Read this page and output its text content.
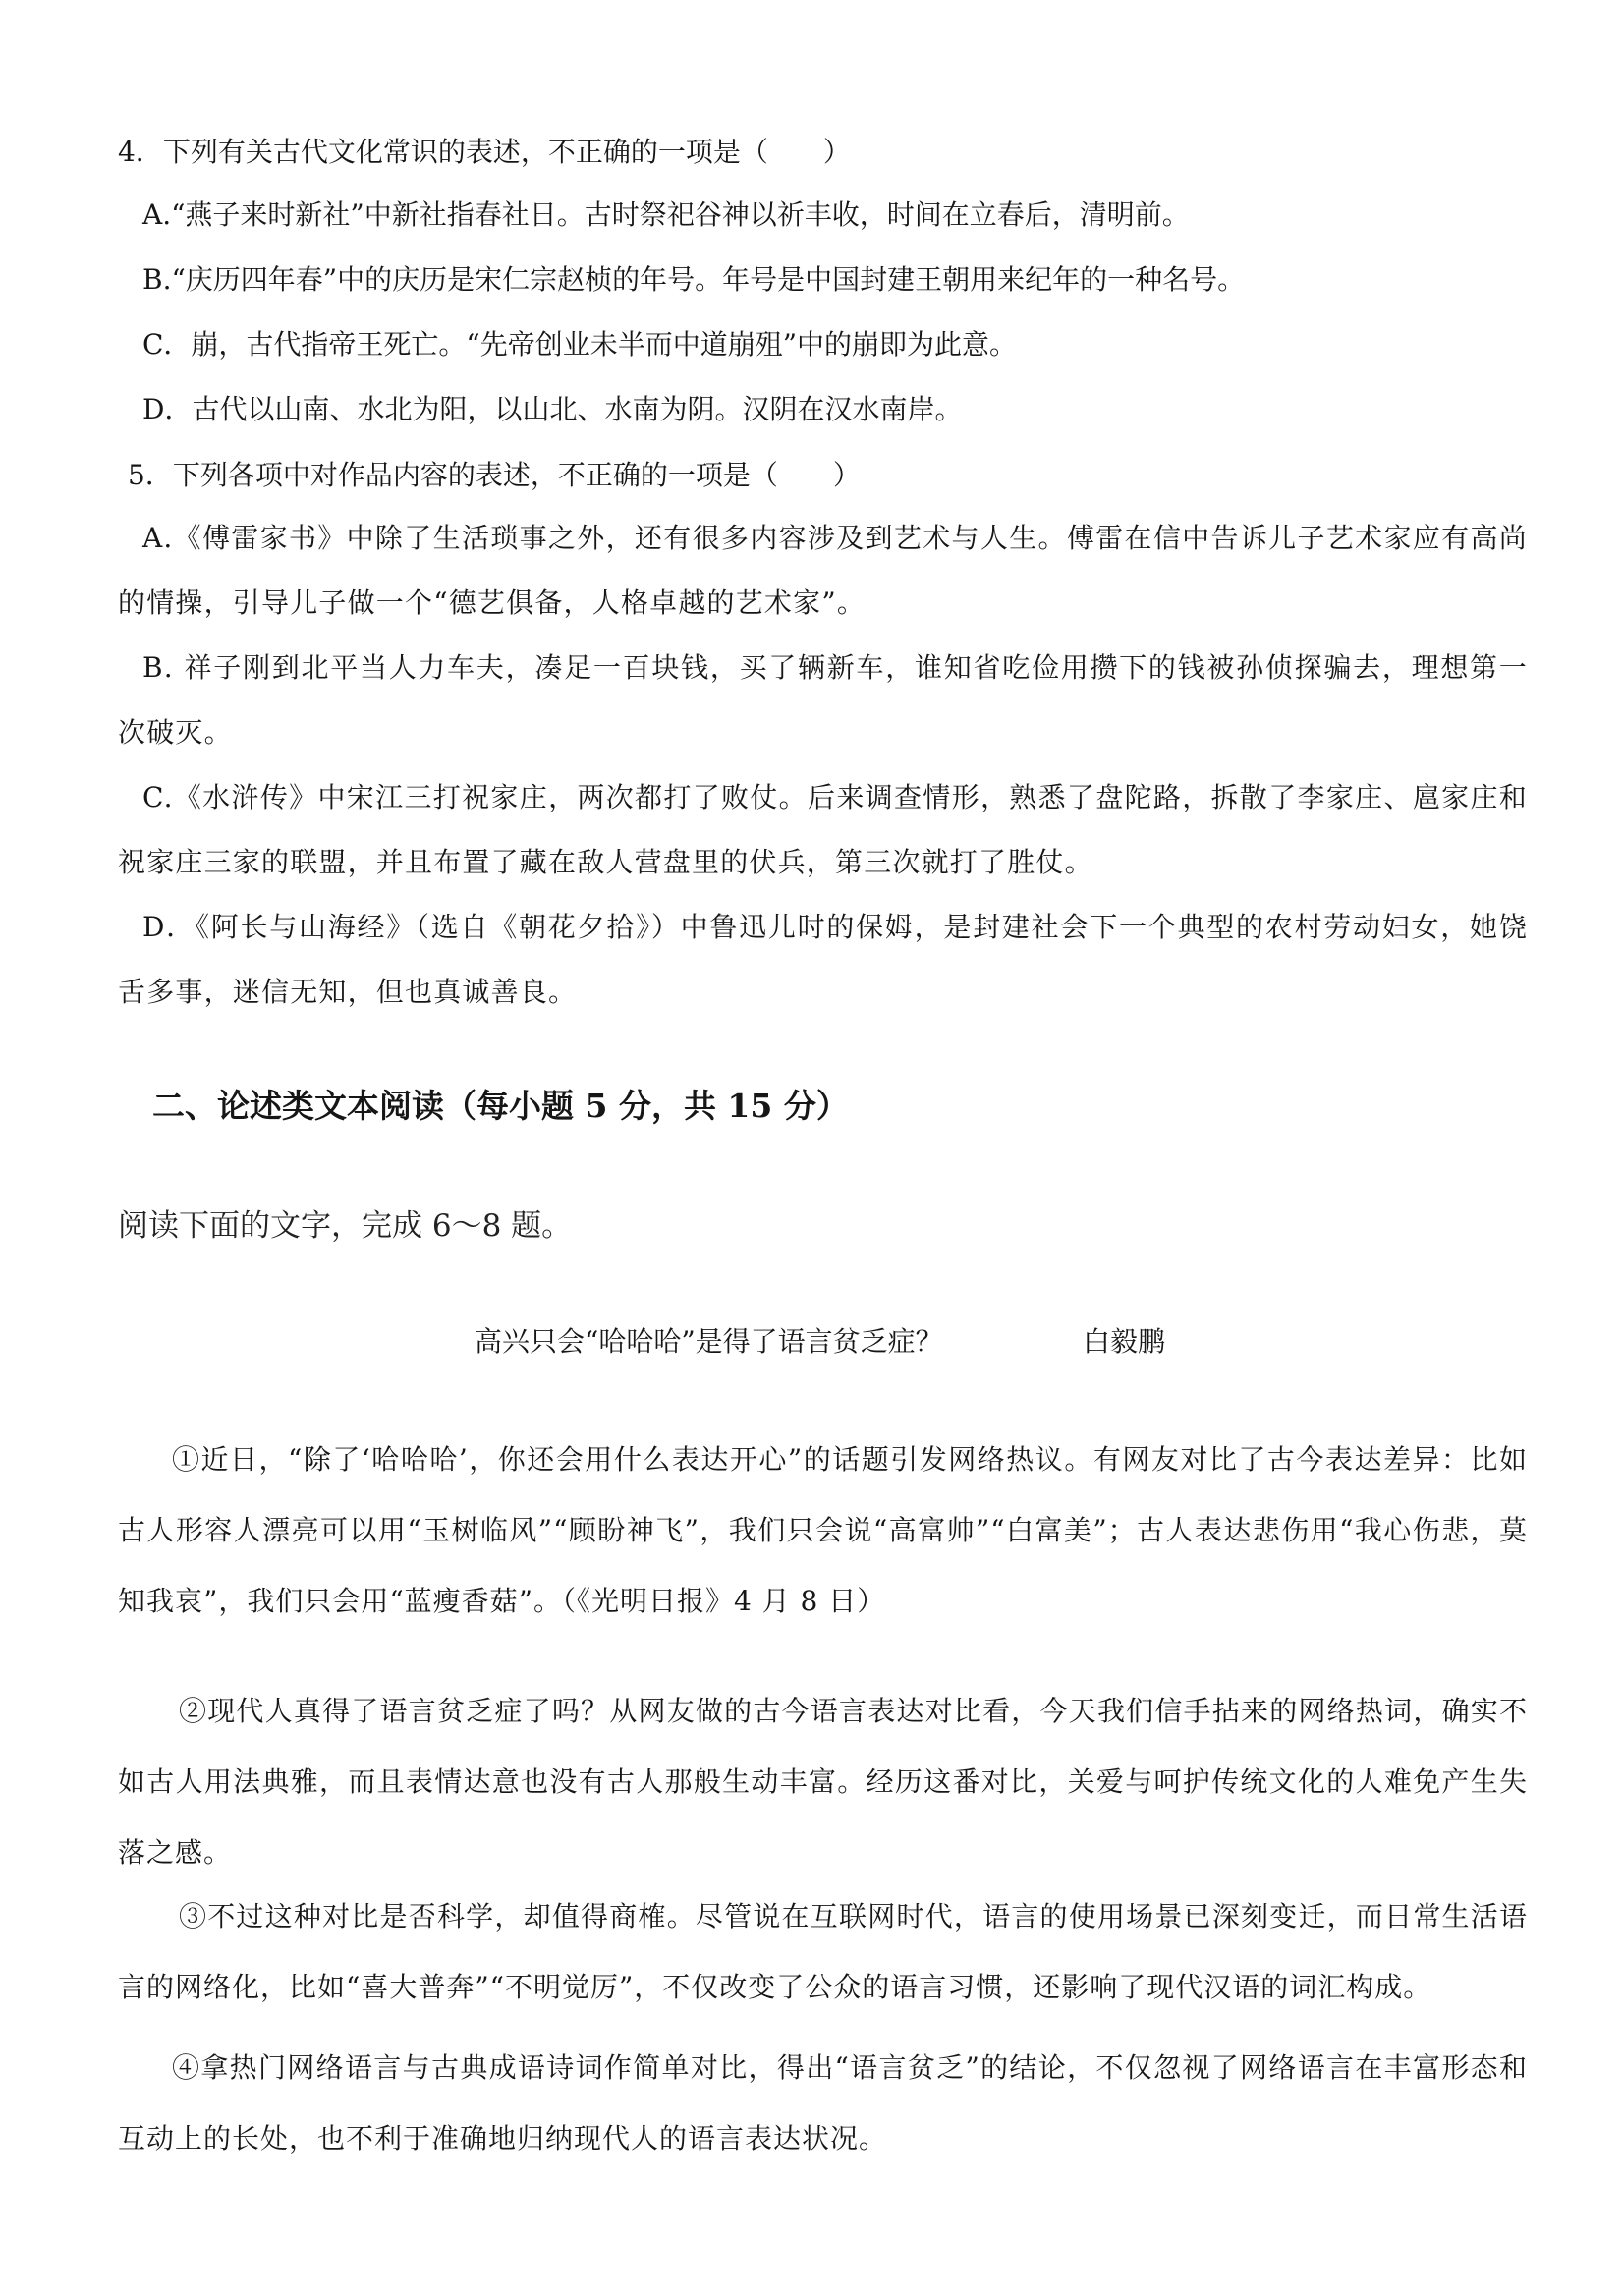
4．下列有关古代文化常识的表述，不正确的一项是（　　）

A.“燕子来时新社”中新社指春社日。古时祭祀谷神以祈丰收，时间在立春后，清明前。

B.“庆历四年春”中的庆历是宋仁宗赵桢的年号。年号是中国封建王朝用来纪年的一种名号。

C．崩，古代指帝王死亡。“先帝创业未半而中道崩殂”中的崩即为此意。

D．古代以山南、水北为阳，以山北、水南为阴。汉阴在汉水南岸。

5．下列各项中对作品内容的表述，不正确的一项是（　　）

A.《傅雷家书》中除了生活琐事之外，还有很多内容涉及到艺术与人生。傅雷在信中告诉儿子艺术家应有高尚的情操，引导儿子做一个“德艺俱备，人格卓越的艺术家”。

B. 祥子刚到北平当人力车夫，凑足一百块钱，买了辆新车，谁知省吃俭用攒下的钱被孙侦探骗去，理想第一次破灭。

C.《水浒传》中宋江三打祝家庄，两次都打了败仗。后来调查情形，熟悉了盘陀路，拆散了李家庄、扈家庄和祝家庄三家的联盟，并且布置了藏在敌人营盘里的伏兵，第三次就打了胜仗。

D．《阿长与山海经》（选自《朝花夕拾》）中鲁迅儿时的保姆，是封建社会下一个典型的农村劳动妇女，她饶舌多事，迷信无知，但也真诚善良。

二、论述类文本阅读（每小题 5 分，共 15 分）

阅读下面的文字，完成 6～8 题。

高兴只会“哈哈哈”是得了语言贫乏症？	白毅鹏

①近日，“除了‘哈哈哈’，你还会用什么表达开心”的话题引发网络热议。有网友对比了古今表达差异：比如古人形容人漂亮可以用“玉树临风”“顾盼神飞”，我们只会说“高富帅”“白富美”；古人表达悲伤用“我心伤悲，莫知我哀”，我们只会用“蓝瘦香菇”。（《光明日报》4 月 8 日）

②现代人真得了语言贫乏症了吗？从网友做的古今语言表达对比看，今天我们信手拈来的网络热词，确实不如古人用法典雅，而且表情达意也没有古人那般生动丰富。经历这番对比，关爱与呵护传统文化的人难免产生失落之感。

③不过这种对比是否科学，却值得商榷。尽管说在互联网时代，语言的使用场景已深刻变迁，而日常生活语言的网络化，比如“喜大普奔”“不明觉厉”，不仅改变了公众的语言习惯，还影响了现代汉语的词汇构成。

④拿热门网络语言与古典成语诗词作简单对比，得出“语言贫乏”的结论，不仅忽视了网络语言在丰富形态和互动上的长处，也不利于准确地归纳现代人的语言表达状况。
